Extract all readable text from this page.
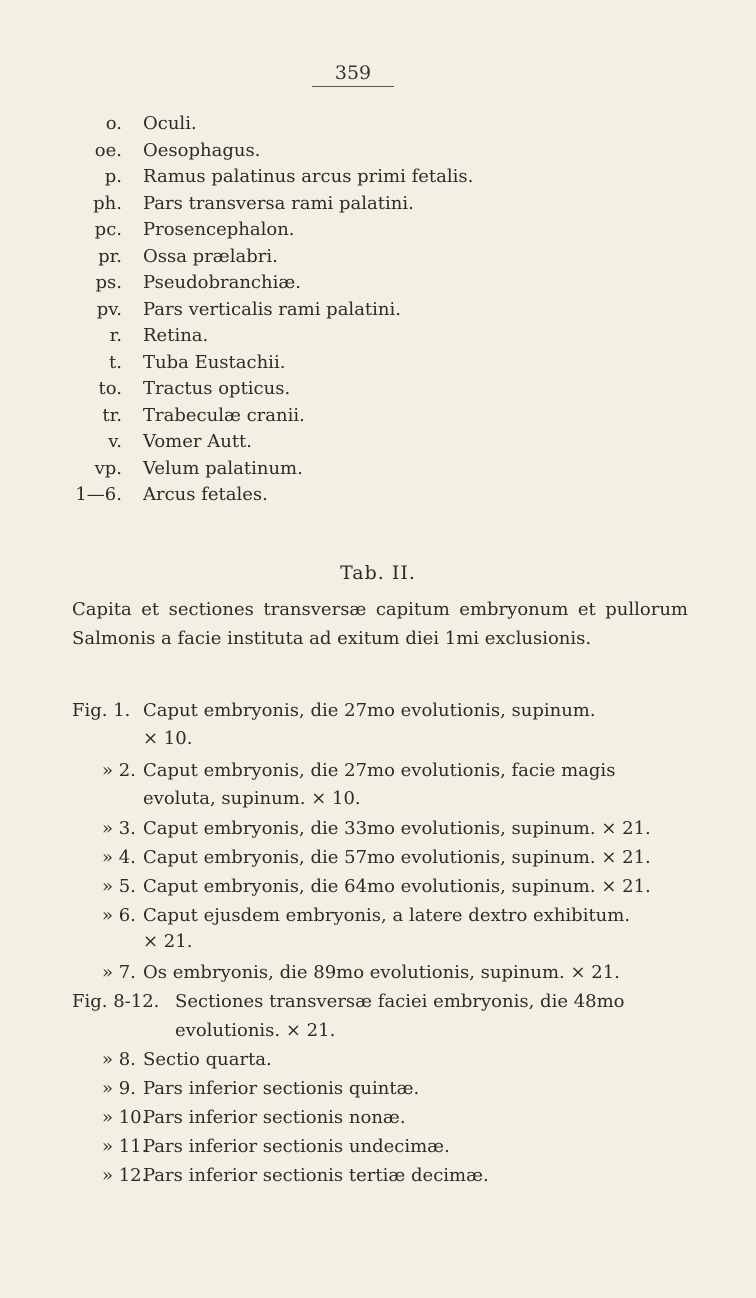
359
o. Oculi.
oe. Oesophagus.
p. Ramus palatinus arcus primi fetalis.
ph. Pars transversa rami palatini.
pc. Prosencephalon.
pr. Ossa prælabri.
ps. Pseudobranchiæ.
pv. Pars verticalis rami palatini.
r. Retina.
t. Tuba Eustachii.
to. Tractus opticus.
tr. Trabeculæ cranii.
v. Vomer Autt.
vp. Velum palatinum.
1—6. Arcus fetales.
Tab. II.
Capita et sectiones transversæ capitum embryonum et pullorum Salmonis a facie instituta ad exitum diei 1mi exclusionis.
Fig. 1. Caput embryonis, die 27mo evolutionis, supinum.
× 10.
» 2. Caput embryonis, die 27mo evolutionis, facie magis
evoluta, supinum. × 10.
» 3. Caput embryonis, die 33mo evolutionis, supinum. × 21.
» 4. Caput embryonis, die 57mo evolutionis, supinum. × 21.
» 5. Caput embryonis, die 64mo evolutionis, supinum. × 21.
» 6. Caput ejusdem embryonis, a latere dextro exhibitum.
× 21.
» 7. Os embryonis, die 89mo evolutionis, supinum. × 21.
Fig. 8-12. Sectiones transversæ faciei embryonis, die 48mo
evolutionis. × 21.
» 8. Sectio quarta.
» 9. Pars inferior sectionis quintæ.
» 10.
Pars inferior sectionis nonæ.
» 11.
Pars inferior sectionis undecimæ.
» 12.
Pars inferior sectionis tertiæ decimæ.
